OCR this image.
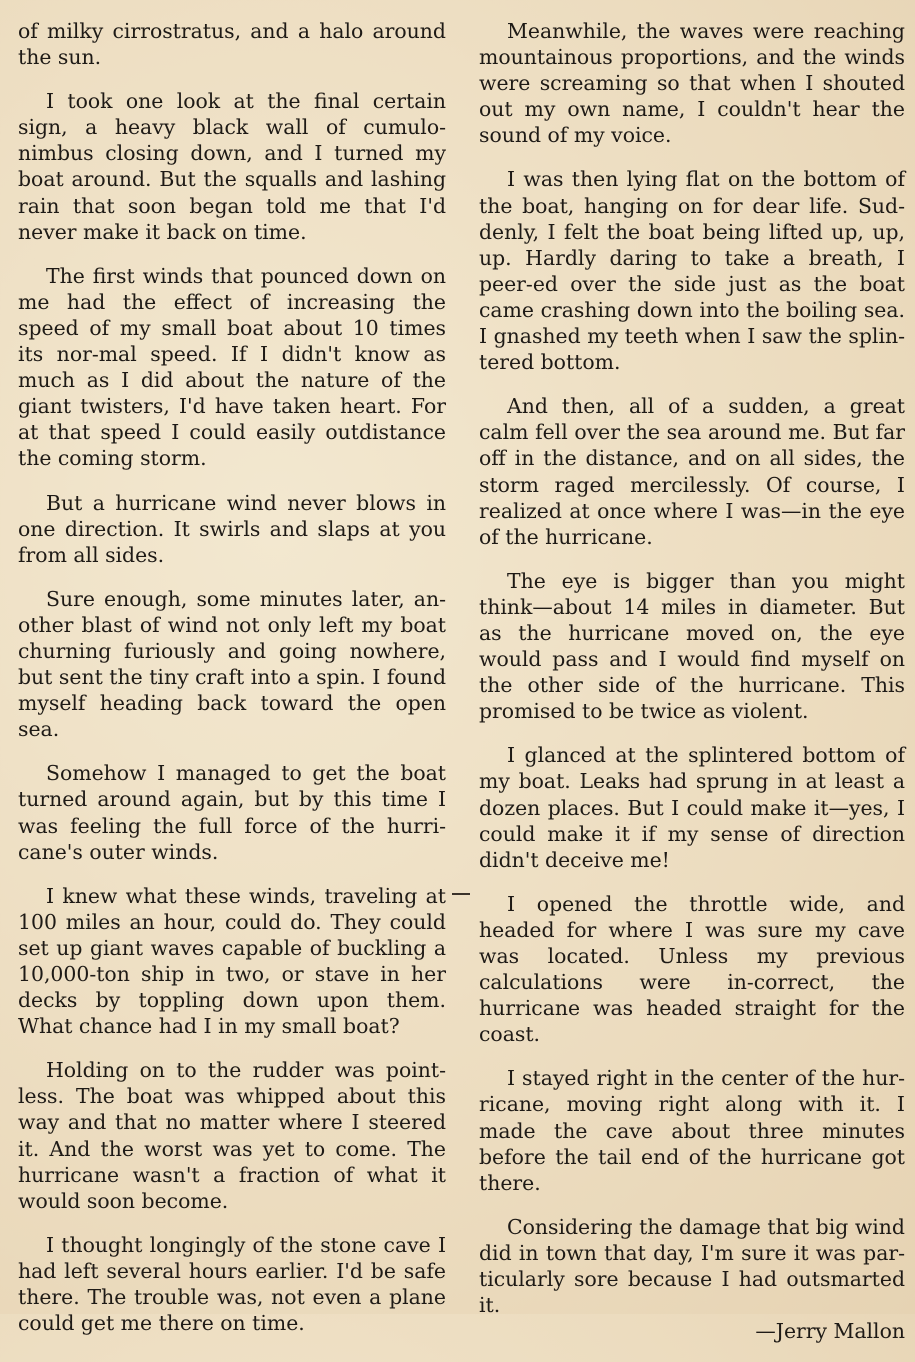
of milky cirrostratus, and a halo around the sun.

I took one look at the final certain sign, a heavy black wall of cumulo-nimbus closing down, and I turned my boat around. But the squalls and lashing rain that soon began told me that I'd never make it back on time.

The first winds that pounced down on me had the effect of increasing the speed of my small boat about 10 times its nor-mal speed. If I didn't know as much as I did about the nature of the giant twisters, I'd have taken heart. For at that speed I could easily outdistance the coming storm.

But a hurricane wind never blows in one direction. It swirls and slaps at you from all sides.

Sure enough, some minutes later, an-other blast of wind not only left my boat churning furiously and going nowhere, but sent the tiny craft into a spin. I found myself heading back toward the open sea.

Somehow I managed to get the boat turned around again, but by this time I was feeling the full force of the hurri-cane's outer winds.

I knew what these winds, traveling at 100 miles an hour, could do. They could set up giant waves capable of buckling a 10,000-ton ship in two, or stave in her decks by toppling down upon them. What chance had I in my small boat?

Holding on to the rudder was point-less. The boat was whipped about this way and that no matter where I steered it. And the worst was yet to come. The hurricane wasn't a fraction of what it would soon become.

I thought longingly of the stone cave I had left several hours earlier. I'd be safe there. The trouble was, not even a plane could get me there on time.

Meanwhile, the waves were reaching mountainous proportions, and the winds were screaming so that when I shouted out my own name, I couldn't hear the sound of my voice.

I was then lying flat on the bottom of the boat, hanging on for dear life. Sud-denly, I felt the boat being lifted up, up, up. Hardly daring to take a breath, I peer-ed over the side just as the boat came crashing down into the boiling sea. I gnashed my teeth when I saw the splin-tered bottom.

And then, all of a sudden, a great calm fell over the sea around me. But far off in the distance, and on all sides, the storm raged mercilessly. Of course, I realized at once where I was—in the eye of the hurricane.

The eye is bigger than you might think—about 14 miles in diameter. But as the hurricane moved on, the eye would pass and I would find myself on the other side of the hurricane. This promised to be twice as violent.

I glanced at the splintered bottom of my boat. Leaks had sprung in at least a dozen places. But I could make it—yes, I could make it if my sense of direction didn't deceive me!

I opened the throttle wide, and headed for where I was sure my cave was located. Unless my previous calculations were in-correct, the hurricane was headed straight for the coast.

I stayed right in the center of the hur-ricane, moving right along with it. I made the cave about three minutes before the tail end of the hurricane got there.

Considering the damage that big wind did in town that day, I'm sure it was par-ticularly sore because I had outsmarted it.

—Jerry Mallon
